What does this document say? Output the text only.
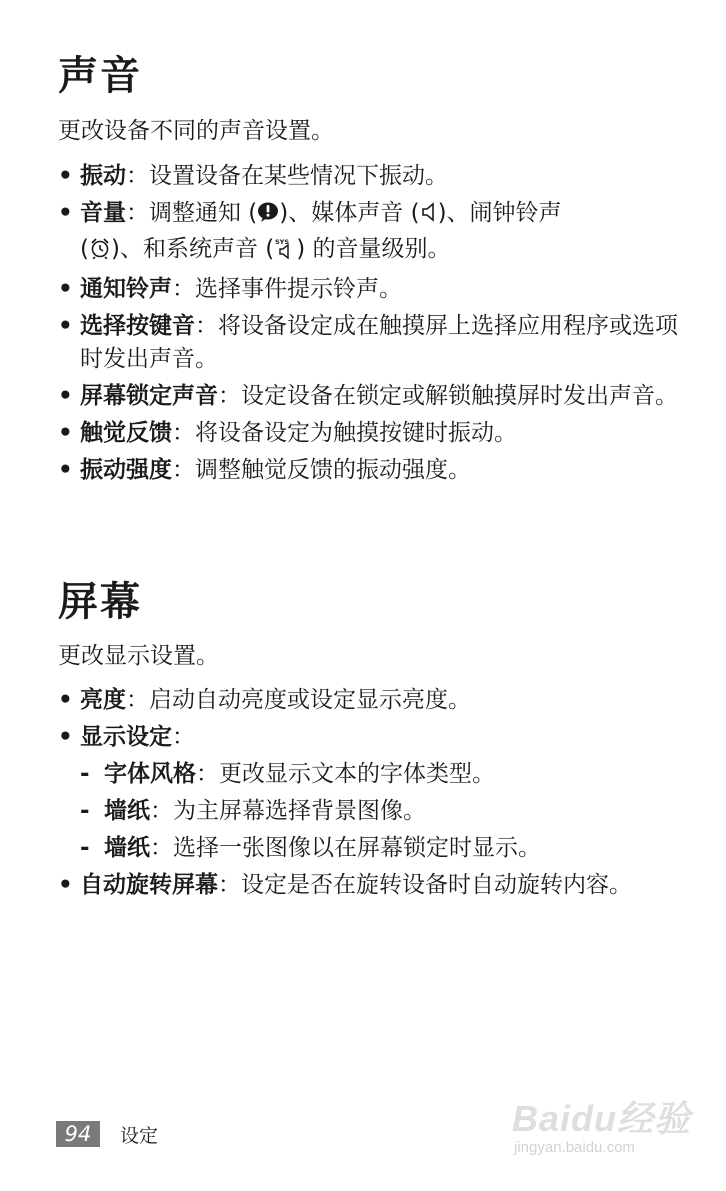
声音

更改设备不同的声音设置。

• 振动：设置设备在某些情况下振动。
• 音量：调整通知 ( )、媒体声音 ( )、闹钟铃声
( )、和系统声音 ( SYS ) 的音量级别。
• 通知铃声：选择事件提示铃声。
• 选择按键音：将设备设定成在触摸屏上选择应用程序或选项时发出声音。
• 屏幕锁定声音：设定设备在锁定或解锁触摸屏时发出声音。
• 触觉反馈：将设备设定为触摸按键时振动。
• 振动强度：调整触觉反馈的振动强度。
屏幕

更改显示设置。

• 亮度：启动自动亮度或设定显示亮度。
• 显示设定：
- 字体风格：更改显示文本的字体类型。
- 墙纸：为主屏幕选择背景图像。
- 墙纸：选择一张图像以在屏幕锁定时显示。
• 自动旋转屏幕：设定是否在旋转设备时自动旋转内容。
94	设定	Baidu经验
jingyan.baidu.com
